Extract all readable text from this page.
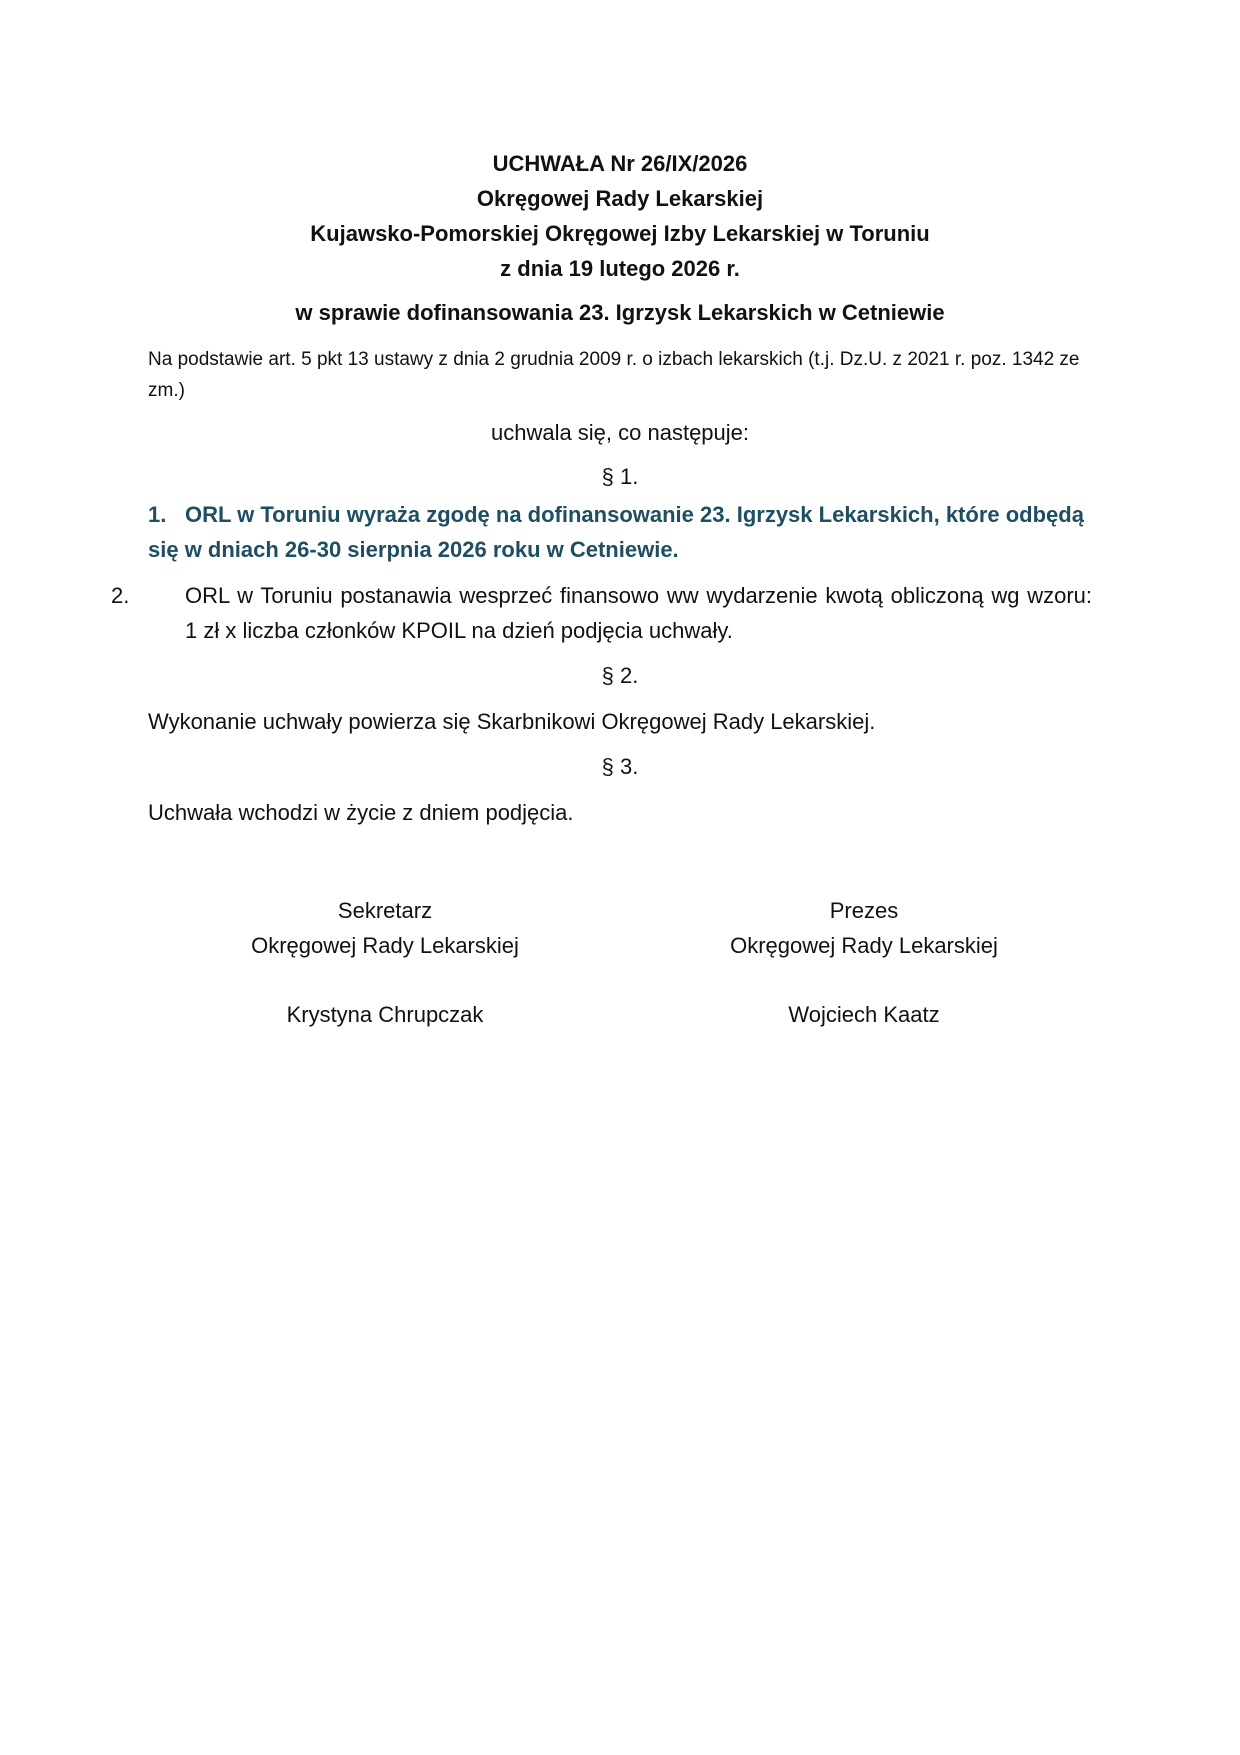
UCHWAŁA Nr 26/IX/2026
Okręgowej Rady Lekarskiej
Kujawsko-Pomorskiej Okręgowej Izby Lekarskiej w Toruniu
z dnia 19 lutego 2026 r.
w sprawie dofinansowania 23. Igrzysk Lekarskich w Cetniewie
Na podstawie art. 5 pkt 13 ustawy z dnia 2 grudnia 2009 r. o izbach lekarskich (t.j. Dz.U. z 2021 r. poz. 1342 ze zm.)
uchwala się, co następuje:
§ 1.
1. ORL w Toruniu wyraża zgodę na dofinansowanie 23. Igrzysk Lekarskich, które odbędą się w dniach 26-30 sierpnia 2026 roku w Cetniewie.
2.	ORL w Toruniu postanawia wesprzeć finansowo ww wydarzenie kwotą obliczoną wg wzoru: 1 zł x liczba członków KPOIL na dzień podjęcia uchwały.
§ 2.
Wykonanie uchwały powierza się Skarbnikowi Okręgowej Rady Lekarskiej.
§ 3.
Uchwała wchodzi w życie z dniem podjęcia.
Sekretarz
Okręgowej Rady Lekarskiej
Krystyna Chrupczak
Prezes
Okręgowej Rady Lekarskiej
Wojciech Kaatz
